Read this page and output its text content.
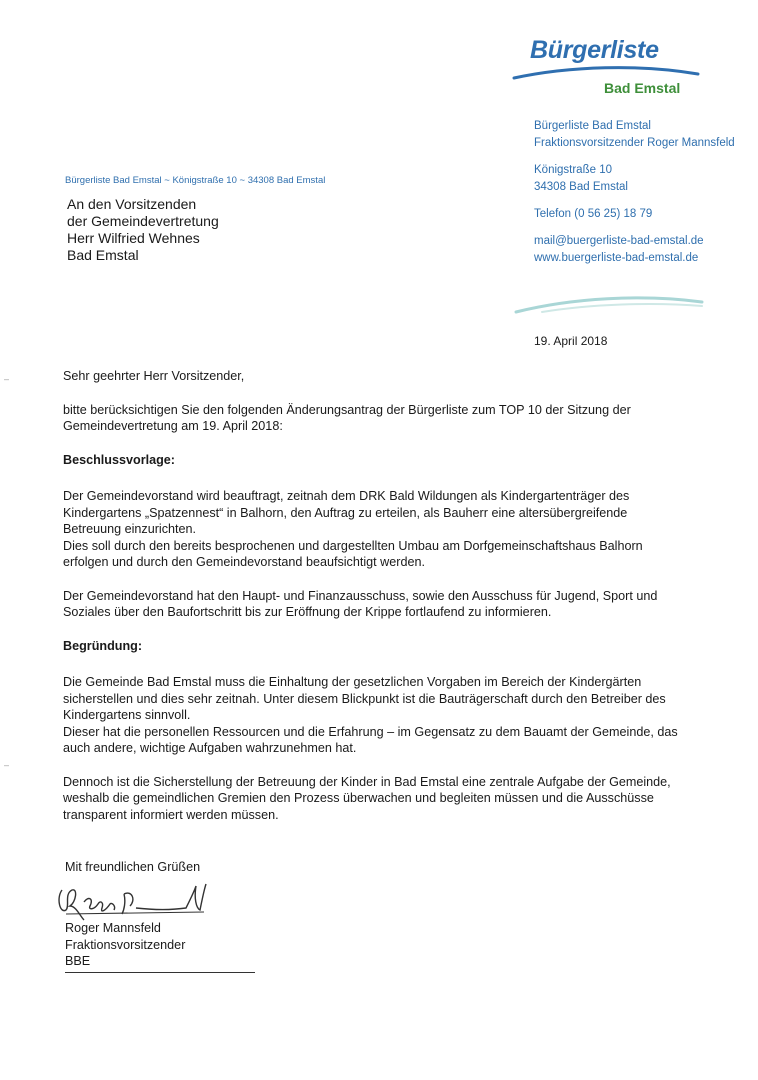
Bürgerliste
Bad Emstal
Bürgerliste Bad Emstal
Fraktionsvorsitzender Roger Mannsfeld
Königstraße 10
34308 Bad Emstal
Telefon (0 56 25) 18 79
mail@buergerliste-bad-emstal.de
www.buergerliste-bad-emstal.de
Bürgerliste Bad Emstal ~ Königstraße 10 ~ 34308 Bad Emstal
An den Vorsitzenden
der Gemeindevertretung
Herr Wilfried Wehnes
Bad Emstal
19. April 2018

Sehr geehrter Herr Vorsitzender,

bitte berücksichtigen Sie den folgenden Änderungsantrag der Bürgerliste zum TOP 10 der Sitzung der Gemeindevertretung am 19. April 2018:

Beschlussvorlage:

Der Gemeindevorstand wird beauftragt, zeitnah dem DRK Bald Wildungen als Kindergartenträger des Kindergartens „Spatzennest“ in Balhorn, den Auftrag zu erteilen, als Bauherr eine altersübergreifende Betreuung einzurichten.

Dies soll durch den bereits besprochenen und dargestellten Umbau am Dorfgemeinschaftshaus Balhorn erfolgen und durch den Gemeindevorstand beaufsichtigt werden.

Der Gemeindevorstand hat den Haupt- und Finanzausschuss, sowie den Ausschuss für Jugend, Sport und Soziales über den Baufortschritt bis zur Eröffnung der Krippe fortlaufend zu informieren.

Begründung:

Die Gemeinde Bad Emstal muss die Einhaltung der gesetzlichen Vorgaben im Bereich der Kindergärten sicherstellen und dies sehr zeitnah. Unter diesem Blickpunkt ist die Bauträgerschaft durch den Betreiber des Kindergartens sinnvoll.

Dieser hat die personellen Ressourcen und die Erfahrung – im Gegensatz zu dem Bauamt der Gemeinde, das auch andere, wichtige Aufgaben wahrzunehmen hat.

Dennoch ist die Sicherstellung der Betreuung der Kinder in Bad Emstal eine zentrale Aufgabe der Gemeinde, weshalb die gemeindlichen Gremien den Prozess überwachen und begleiten müssen und die Ausschüsse transparent informiert werden müssen.

Mit freundlichen Grüßen
Roger Mannsfeld
Fraktionsvorsitzender
BBE
–
–
